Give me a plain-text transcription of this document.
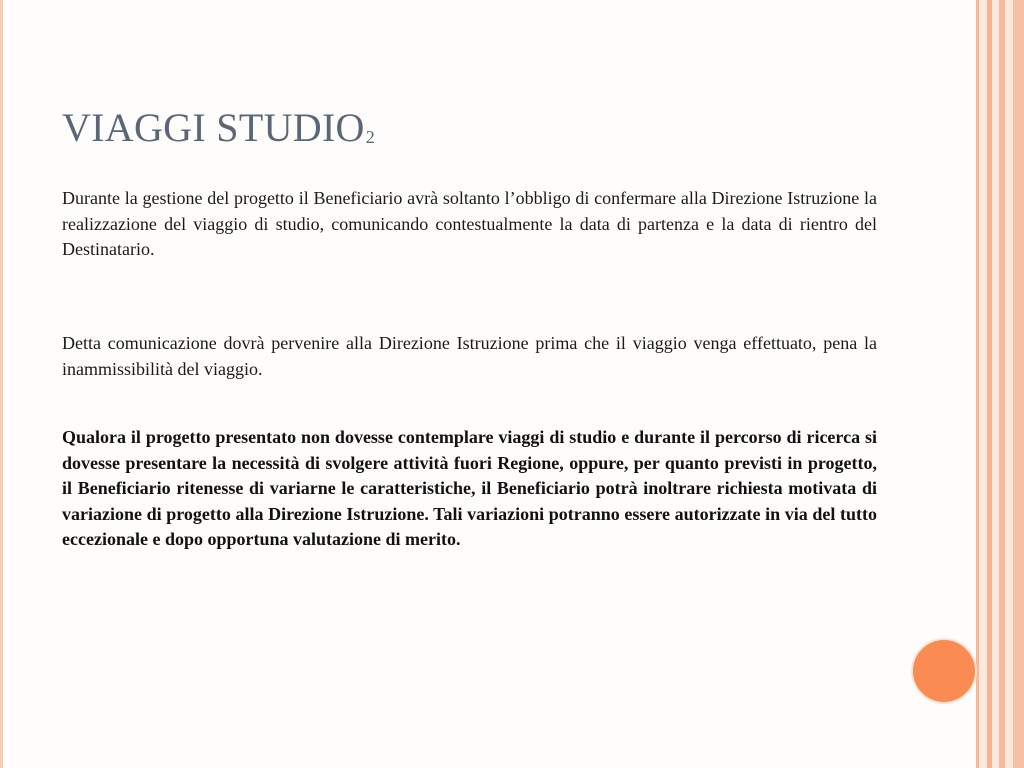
VIAGGI STUDIO2

Durante la gestione del progetto il Beneficiario avrà soltanto l’obbligo di confermare alla Direzione Istruzione la realizzazione del viaggio di studio, comunicando contestualmente la data di partenza e la data di rientro del Destinatario.

Detta comunicazione dovrà pervenire alla Direzione Istruzione prima che il viaggio venga effettuato, pena la inammissibilità del viaggio.

Qualora il progetto presentato non dovesse contemplare viaggi di studio e durante il percorso di ricerca si dovesse presentare la necessità di svolgere attività fuori Regione, oppure, per quanto previsti in progetto, il Beneficiario ritenesse di variarne le caratteristiche, il Beneficiario potrà inoltrare richiesta motivata di variazione di progetto alla Direzione Istruzione. Tali variazioni potranno essere autorizzate in via del tutto eccezionale e dopo opportuna valutazione di merito.
